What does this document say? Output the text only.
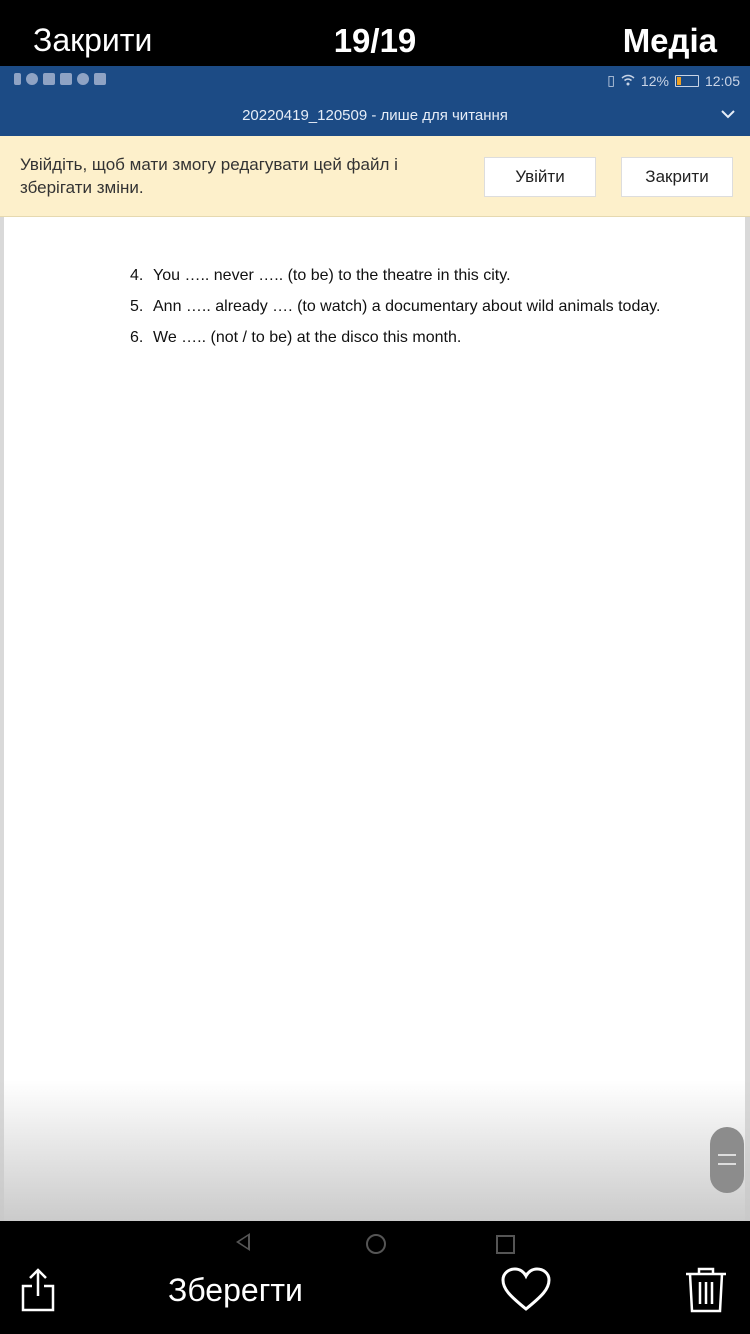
Закрити	19/19	Медіа
▯ 12%	12:05
20220419_120509 - лише для читання
Увійдіть, щоб мати змогу редагувати цей файл і зберігати зміни.
Увійти	Закрити
4. You ….. never ….. (to be) to the theatre in this city.
5. Ann ….. already …. (to watch) a documentary about wild animals today.
6. We ….. (not / to be) at the disco this month.
Зберегти
